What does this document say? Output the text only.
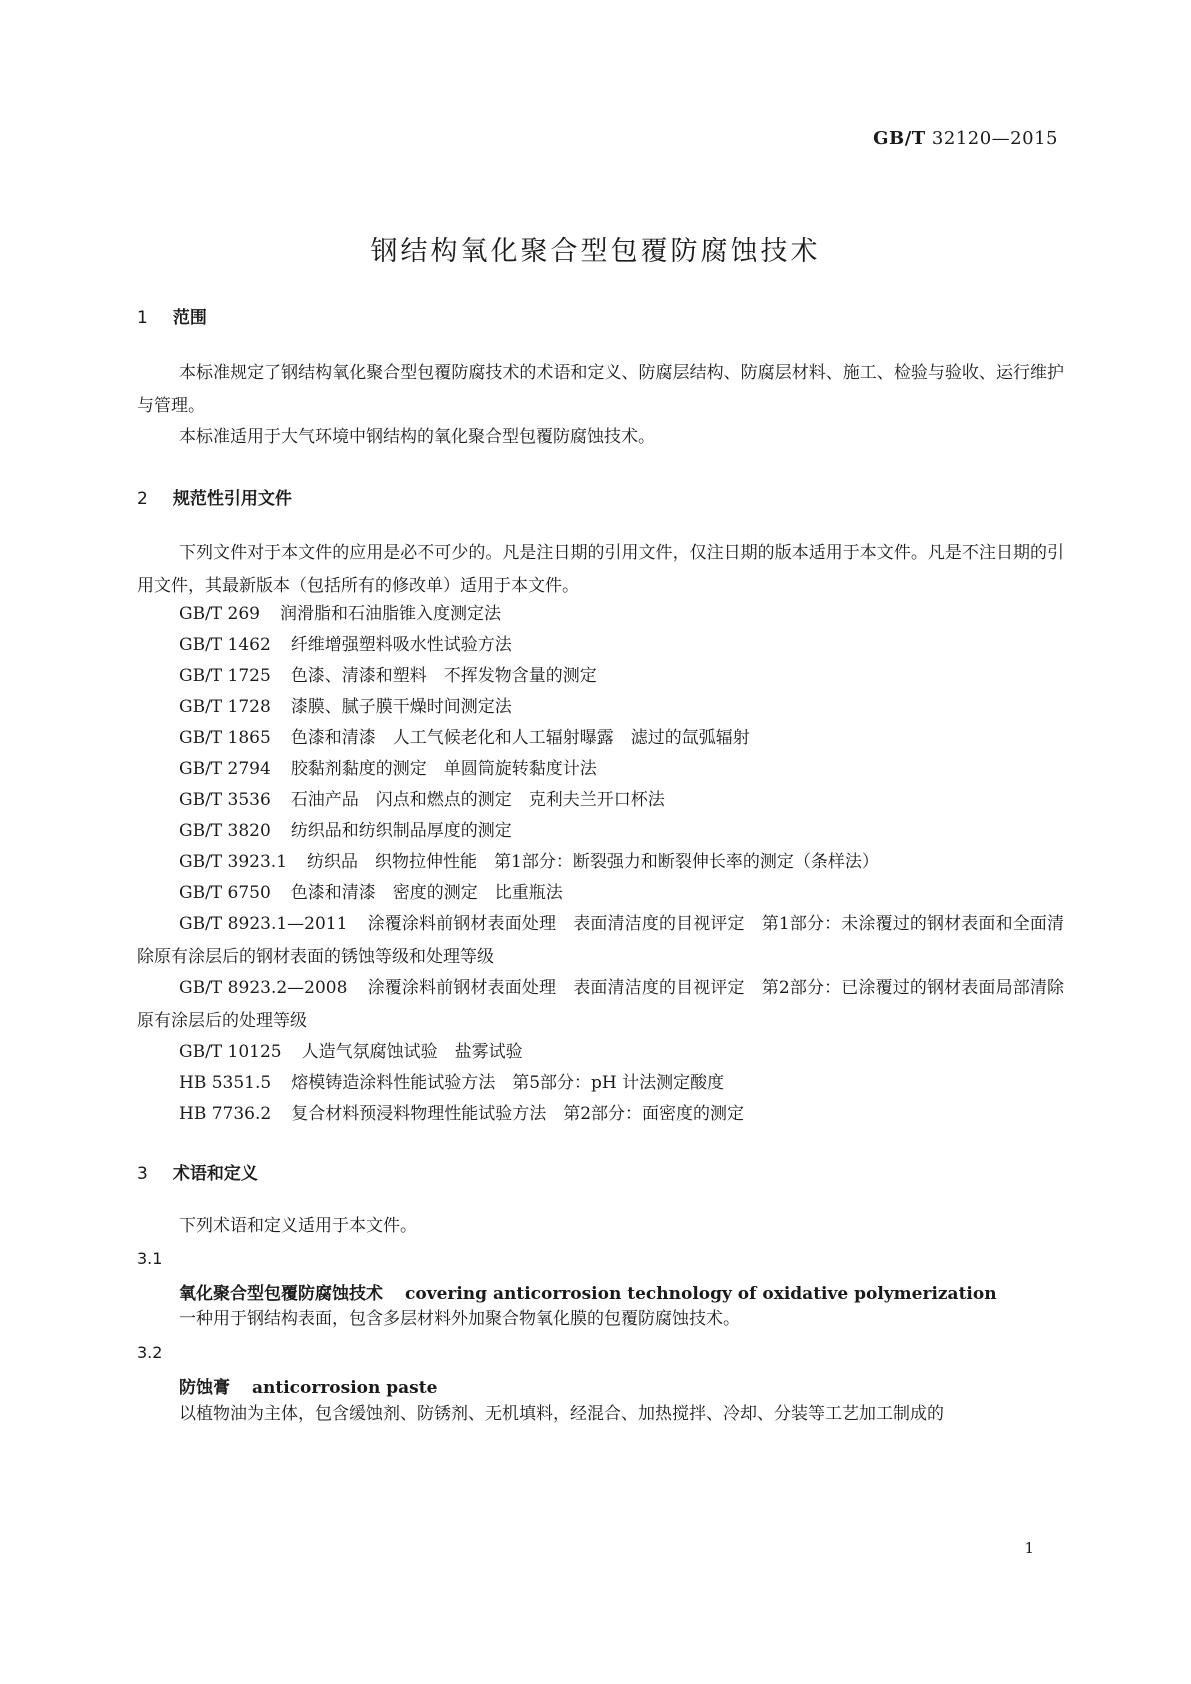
GB/T 32120—2015
钢结构氧化聚合型包覆防腐蚀技术
1 范围
本标准规定了钢结构氧化聚合型包覆防腐技术的术语和定义、防腐层结构、防腐层材料、施工、检验与验收、运行维护与管理。
本标准适用于大气环境中钢结构的氧化聚合型包覆防腐蚀技术。
2 规范性引用文件
下列文件对于本文件的应用是必不可少的。凡是注日期的引用文件，仅注日期的版本适用于本文件。凡是不注日期的引用文件，其最新版本（包括所有的修改单）适用于本文件。
GB/T 269 润滑脂和石油脂锥入度测定法
GB/T 1462 纤维增强塑料吸水性试验方法
GB/T 1725 色漆、清漆和塑料　不挥发物含量的测定
GB/T 1728 漆膜、腻子膜干燥时间测定法
GB/T 1865 色漆和清漆　人工气候老化和人工辐射曝露　滤过的氙弧辐射
GB/T 2794 胶黏剂黏度的测定　单圆筒旋转黏度计法
GB/T 3536 石油产品　闪点和燃点的测定　克利夫兰开口杯法
GB/T 3820 纺织品和纺织制品厚度的测定
GB/T 3923.1 纺织品　织物拉伸性能　第1部分：断裂强力和断裂伸长率的测定（条样法）
GB/T 6750 色漆和清漆　密度的测定　比重瓶法
GB/T 8923.1—2011 涂覆涂料前钢材表面处理　表面清洁度的目视评定　第1部分：未涂覆过的钢材表面和全面清除原有涂层后的钢材表面的锈蚀等级和处理等级
GB/T 8923.2—2008 涂覆涂料前钢材表面处理　表面清洁度的目视评定　第2部分：已涂覆过的钢材表面局部清除原有涂层后的处理等级
GB/T 10125 人造气氛腐蚀试验　盐雾试验
HB 5351.5 熔模铸造涂料性能试验方法　第5部分：pH 计法测定酸度
HB 7736.2 复合材料预浸料物理性能试验方法　第2部分：面密度的测定
3 术语和定义
下列术语和定义适用于本文件。
3.1
氧化聚合型包覆防腐蚀技术 covering anticorrosion technology of oxidative polymerization
一种用于钢结构表面，包含多层材料外加聚合物氧化膜的包覆防腐蚀技术。
3.2
防蚀膏 anticorrosion paste
以植物油为主体，包含缓蚀剂、防锈剂、无机填料，经混合、加热搅拌、冷却、分装等工艺加工制成的
1
